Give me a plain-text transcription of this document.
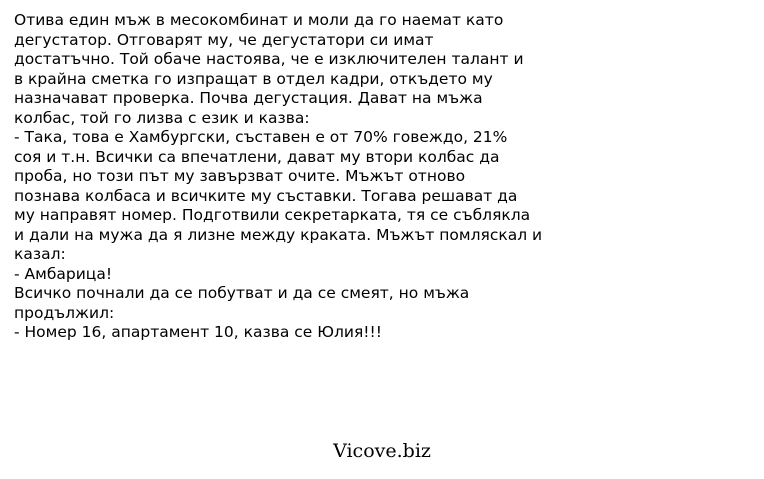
Отива един мъж в месокомбинат и моли да го наемат като
дегустатор. Отговарят му, че дегустатори си имат
достатъчно. Той обаче настоява, че е изключителен талант и
в крайна сметка го изпращат в отдел кадри, откъдето му
назначават проверка. Почва дегустация. Дават на мъжа
колбас, той го лизва с език и казва:
- Така, това е Хамбургски, съставен е от 70% говеждо, 21%
соя и т.н. Всички са впечатлени, дават му втори колбас да
проба, но този път му завързват очите. Мъжът отново
познава колбаса и всичките му съставки. Тогава решават да
му направят номер. Подготвили секретарката, тя се съблякла
и дали на мужа да я лизне между краката. Мъжът помляскал и
казал:
- Амбарица!
Всичко почнали да се побутват и да се смеят, но мъжа
продължил:
- Номер 16, апартамент 10, казва се Юлия!!!
Vicove.biz
